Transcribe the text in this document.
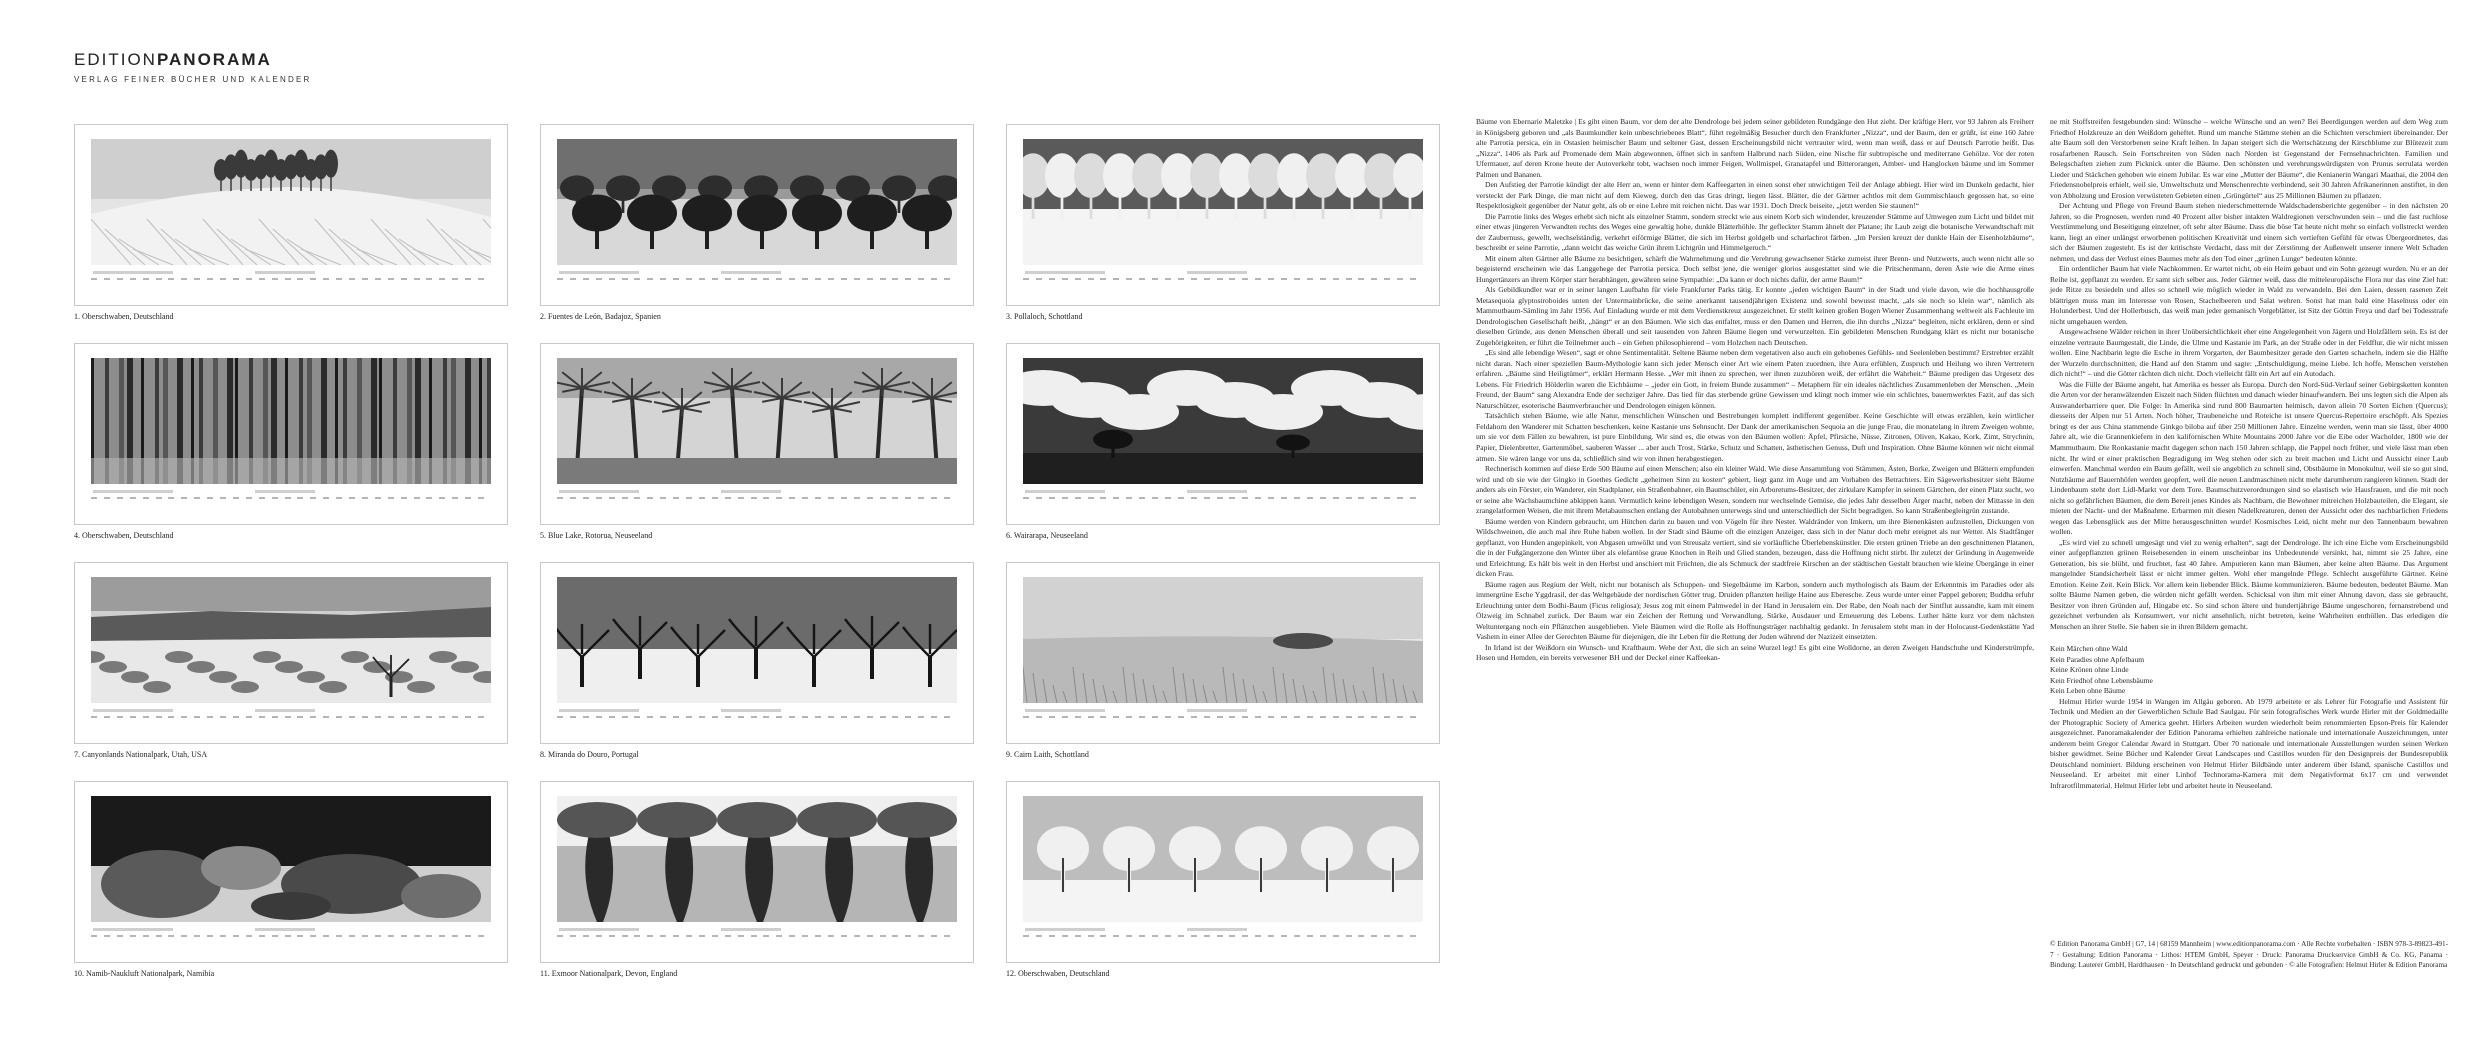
EDITIONPANORAMA
VERLAG FEINER BÜCHER UND KALENDER
1. Oberschwaben, Deutschland	2. Fuentes de León, Badajoz, Spanien	3. Pollaloch, Schottland
4. Oberschwaben, Deutschland	5. Blue Lake, Rotorua, Neuseeland	6. Wairarapa, Neuseeland
7. Canyonlands Nationalpark, Utah, USA	8. Miranda do Douro, Portugal	9. Cairn Laith, Schottland
10. Namib-Naukluft Nationalpark, Namibia	11. Exmoor Nationalpark, Devon, England	12. Oberschwaben, Deutschland

Bäume von Ebernarie Maletzke | Es gibt einen Baum, vor dem der alte Dendrologe bei jedem seiner gebildeten Rundgänge den Hut zieht. Der kräftige Herr, vor 93 Jahren als Freiherr in Königsberg geboren und „als Baumkundler kein unbeschriebenes Blatt“, führt regelmäßig Besucher durch den Frankfurter „Nizza“, und der Baum, den er grüßt, ist eine 160 Jahre alte Parrotia persica, ein in Ostasien heimischer Baum und seltener Gast, dessen Erscheinungsbild nicht vertrauter wird, wenn man weiß, dass er auf Deutsch Parrotie heißt. Das „Nizza“, 1406 als Park auf Promenade dem Main abgewonnen, öffnet sich in sanftem Halbrund nach Süden, eine Nische für subtropische und mediterrane Gehölze. Vor der roten Ufermauer, auf deren Krone heute der Autoverkehr tobt, wachsen noch immer Feigen, Wollmispel, Granatapfel und Bitterorangen, Amber- und Hanglocken bäume und im Sommer Palmen und Bananen.

Den Aufstieg der Parrotie kündigt der alte Herr an, wenn er hinter dem Kaffeegarten in einen sonst eher unwichtigen Teil der Anlage abbiegt. Hier wird im Dunkeln gedacht, hier versteckt der Park Dinge, die man nicht auf dem Kieweg, durch den das Gras dringt, liegen lässt. Blätter, die der Gärtner achtlos mit dem Gummischlauch gegossen hat, so eine Respektlosigkeit gegenüber der Natur geht, als ob er eine Lehre mit reichen nicht. Das war 1931. Doch Dreck beiseite, „jetzt werden Sie staunen!“

Die Parrotie links des Weges erhebt sich nicht als einzelner Stamm, sondern streckt wie aus einem Korb sich windender, kreuzender Stämme auf Umwegen zum Licht und bildet mit einer etwas jüngeren Verwandten rechts des Weges eine gewaltig hohe, dunkle Blätterhöhle. Ihr gefleckter Stamm ähnelt der Platane; ihr Laub zeigt die botanische Verwandtschaft mit der Zaubernuss, gewellt, wechselständig, verkehrt eiförmige Blätter, die sich im Herbst goldgelb und scharlachrot färben. „Im Persien kreuzt der dunkle Hain der Eisenholzbäume“, beschreibt er seine Parrotie, „dann weicht das weiche Grün ihrem Lichtgrün und Himmelgeruch.“

Mit einem alten Gärtner alle Bäume zu besichtigen, schärft die Wahrnehmung und die Verehrung gewachsener Stärke zumeist ihrer Brenn- und Nutzwerts, auch wenn nicht alle so begeisternd erscheinen wie das Langgehege der Parrotia persica. Doch selbst jene, die weniger glorios ausgestattet sind wie die Pritschenmann, deren Äste wie die Arme eines Hungertänzers an ihrem Körper starr herabhängen, gewähren seine Sympathie: „Da kann er doch nichts dafür, der arme Baum!“

Als Gebildkundler war er in seiner langen Laufbahn für viele Frankfurter Parks tätig. Er konnte „jeden wichtigen Baum“ in der Stadt und viele davon, wie die hochhausgroße Metasequoia glyptostroboides unten der Untermainbrücke, die seine anerkannt tausendjährigen Existenz und sowohl bewusst macht, „als sie noch so klein war“, nämlich als Mammutbaum-Sämling im Jahr 1956. Auf Einladung wurde er mit dem Verdienstkreuz ausgezeichnet. Er stellt keinen großen Bogen Wiener Zusammenhang weltweit als Fachleute im Dendrologischen Gesellschaft heißt, „hängt“ er an den Bäumen. Wie sich das entfaltet, muss er den Damen und Herren, die ihn durchs „Nizza“ begleiten, nicht erklären, denn er sind dieselben Gründe, aus denen Menschen überall und seit tausenden von Jahren Bäume liegen und verwurzelten. Ein gebildeten Menschen Rundgang klärt es nicht nur botanische Zugehörigkeiten, er führt die Teilnehmer auch – ein Gehen philosophierend – vom Holzchen nach Deutschen.

„Es sind alle lebendige Wesen“, sagt er ohne Sentimentalität. Seltene Bäume neben dem vegetativen also auch ein gehobenes Gefühls- und Seelenleben bestimmt? Erstrebter erzählt nicht daran. Nach einer speziellen Baum-Mythologie kann sich jeder Mensch einer Art wie einem Paten zuordnen, ihre Aura erfühlen, Zuspruch und Heilung wo ihren Vertretern erfahren. „Bäume sind Heiligtümer“, erklärt Hermann Hesse. „Wer mit ihnen zu sprechen, wer ihnen zuzuhören weiß, der erfährt die Wahrheit.“ Bäume predigen das Urgesetz des Lebens. Für Friedrich Hölderlin waren die Eichbäume – „jeder ein Gott, in freiem Bunde zusammen“ – Metaphern für ein ideales nächtliches Zusammenleben der Menschen. „Mein Freund, der Baum“ sang Alexandra Ende der sechziger Jahre. Das lied für das sterbende grüne Gewissen und klingt noch immer wie ein schlichtes, bauernwerktes Fazit, auf das sich Naturschützer, esoterische Baumverbraucher und Dendrologen einigen können.

Tatsächlich stehen Bäume, wie alle Natur, menschlichen Wünschen und Bestrebungen komplett indifferent gegenüber. Keine Geschichte will etwas erzählen, kein wirtlicher Feldahorn den Wanderer mit Schatten beschenken, keine Kastanie uns Sehnsucht. Der Dank der amerikanischen Sequoia an die junge Frau, die monatelang in ihrem Zweigen wohnte, um sie vor dem Fällen zu bewahren, ist pure Einbildung. Wir sind es, die etwas von den Bäumen wollen: Äpfel, Pfirsiche, Nüsse, Zitronen, Oliven, Kakao, Kork, Zimt, Strychnin, Papier, Dielenbretter, Gartenmöbel, sauberen Wasser ... aber auch Trost, Stärke, Schutz und Schatten, ästhetischen Genuss, Duft und Inspiration. Ohne Bäume können wir nicht einmal atmen. Sie wären lange vor uns da, schließlich sind wir von ihnen herabgestiegen.

Rechnerisch kommen auf diese Erde 500 Bäume auf einen Menschen; also ein kleiner Wald. Wie diese Ansammlung von Stämmen, Ästen, Borke, Zweigen und Blättern empfunden wird und ob sie wie der Gingko in Goethes Gedicht „geheimen Sinn zu kosten“ gebiert, liegt ganz im Auge und am Vorhaben des Betrachters. Ein Sägewerksbesitzer sieht Bäume anders als ein Förster, ein Wanderer, ein Stadtplaner, ein Straßenbahner, ein Baumschüler, ein Arboretums-Besitzer, der zirkulare Kampfer in seinem Gärtchen, der einen Platz sucht, wo er seine alte Wachsbaumchine abkippen kann. Vermutlich keine lebendigen Wesen, sondern nur wechselnde Gemüse, die jedes Jahr desselben Ärger macht, neben der Mittasse in den zrangelatformen Weisen, die mit ihrem Metabaumschen entlang der Autobahnen unterwegs sind und unterschiedlich der Sicht begradigen. So kann Straßenbegleitgrün zustande.

Bäume werden von Kindern gebraucht, um Hütchen darin zu bauen und von Vögeln für ihre Nester. Waldränder von Imkern, um ihre Bienenkästen aufzustellen, Dickungen von Wildschweinen, die auch mal ihre Ruhe haben wollen. In der Stadt sind Bäume oft die einzigen Anzeiger, dass sich in der Natur doch mehr ereignet als nur Wetter. Als Stadtfänger gepflanzt, von Hunden angepinkelt, von Abgasen umwölkt und von Streusalz vertiert, sind sie vorläufliche Überlebenskünstler. Die ersten grünen Triebe an den geschnittenen Platanen, die in der Fußgängerzone den Winter über als elefantöse graue Knochen in Reih und Glied standen, bezeugen, dass die Hoffnung nicht stirbt. Ihr zuletzt der Gründung in Augenweide und Erleichtung. Es hält bis weit in den Herbst und anschiert mit Früchten, die als Schmuck der stadtfreie Kirschen an der städtischen Gestalt brauchen wie kleine Übergänge in einer dicken Frau.

Bäume ragen aus Regium der Welt, nicht nur botanisch als Schuppen- und Siegelbäume im Karbon, sondern auch mythologisch als Baum der Erkenntnis im Paradies oder als immergrüne Esche Yggdrasil, der das Weltgebäude der nordischen Götter trug. Druiden pflanzten heilige Haine aus Eberesche. Zeus wurde unter einer Pappel geboren; Buddha erfuhr Erleuchtung unter dem Bodhi-Baum (Ficus religiosa); Jesus zog mit einem Palmwedel in der Hand in Jerusalem ein. Der Rabe, den Noah nach der Sintflut aussandte, kam mit einem Ölzweig im Schnabel zurück. Der Baum war ein Zeichen der Rettung und Verwandlung. Stärke, Ausdauer und Erneuerung des Lebens. Luther hätte kurz vor dem nächsten Weltuntergang noch ein Pflänzchen ausgeblieben. Viele Bäumen wird die Rolle als Hoffnungsträger nachhaltig gedankt. In Jerusalem steht man in der Holocaust-Gedenkstätte Yad Vashem in einer Allee der Gerechten Bäume für diejenigen, die ihr Leben für die Rettung der Juden während der Nazizeit einsetzten.

In Irland ist der Weißdorn ein Wunsch- und Kraftbaum. Wehe der Axt, die sich an seine Wurzel legt! Es gibt eine Wolldorne, an deren Zweigen Handschuhe und Kinderstrümpfe, Hosen und Hemden, ein bereits verwesener BH und der Deckel einer Kaffeekan-

ne mit Stoffstreifen festgebunden sind: Wünsche – welche Wünsche und an wen? Bei Beerdigungen werden auf dem Weg zum Friedhof Holzkreuze an den Weißdorn geheftet. Rund um manche Stämme stehen an die Schichten verschmiert übereinander. Der alte Baum soll den Verstorbenen seine Kraft leihen. In Japan steigert sich die Wertschätzung der Kirschblume zur Blütezeit zum rosafarbenen Rausch. Sein Fortschreiten von Süden nach Norden ist Gegenstand der Fernsehnachrichten. Familien und Belegschaften ziehen zum Picknick unter die Bäume. Den schönsten und verehrungswürdigsten von Prunus serrulata werden Lieder und Stäckchen gehoben wie einem Jubilar. Es war eine „Mutter der Bäume“, die Kenianerin Wangari Maathai, die 2004 den Friedensnobelpreis erhielt, weil sie, Umweltschutz und Menschenrechte verbindend, seit 30 Jahren Afrikanerinnen anstiftet, in den von Abholzung und Erosion verwüsteten Gebieten einen „Grüngürtel“ aus 25 Millionen Bäumen zu pflanzen.

Der Achtung und Pflege von Freund Baum stehen niederschmetternde Waldschadensberichte gegenüber – in den nächsten 20 Jahren, so die Prognosen, werden rund 40 Prozent aller bisher intakten Waldregionen verschwunden sein – und die fast ruchlose Verstümmelung und Beseitigung einzelner, oft sehr alter Bäume. Dass die böse Tat heute nicht mehr so einfach vollstreckt werden kann, liegt an einer unlängst erworbenen politischen Kreativität und einem sich vertieften Gefühl für etwas Übergeordnetes, das sich der Bäumen zugesteht. Es ist der kritischste Verdacht, dass mit der Zerstörung der Außenwelt unserer innere Welt Schaden nehmen, und dass der Verlust eines Baumes mehr als den Tod einer „grünen Lunge“ bedeuten könnte.

Ein ordentlicher Baum hat viele Nachkommen. Er wartet nicht, ob ein Heim gebaut und ein Sohn gezeugt wurden. Nu er an der Reihe ist, gepflanzt zu werden. Er samt sich selber aus. Jeder Gärtner weiß, dass die mitteleuropäische Flora nur das eine Ziel hat: jede Ritze zu besiedeln und alles so schnell wie möglich wieder in Wald zu verwandeln. Bei den Laien, dessen rasenen Zeit blättrigen muss man im Interesse von Rosen, Stachelbeeren und Salat wehren. Sonst hat man bald eine Haselnuss oder ein Holunderbest. Und der Hollerbusch, das weiß man jeder gemanisch Vorgeblätter, ist Sitz der Göttin Freya und darf bei Todesstrafe nicht umgehauen werden.

Ausgewachsene Wälder reichen in ihrer Unübersichtlichkeit eher eine Angelegenheit von Jägern und Holzfällern sein. Es ist der einzelne vertraute Baumgestalt, die Linde, die Ulme und Kastanie im Park, an der Straße oder in der Feldflur, die wir nicht missen wollen. Eine Nachbarin legte die Esche in ihrem Vorgarten, der Baumbesitzer gerade den Garten schacheln, indem sie die Hälfte der Wurzeln durchschnitten, die Hand auf den Stamm und sagte: „Entschuldigung, meine Liebe. Ich hoffe, Menschen verstehen dich nicht!“ – und die Götter rächten dich nicht. Doch vielleicht fällt ein Art auf ein Autodach.

Was die Fülle der Bäume angeht, hat Amerika es besser als Europa. Durch den Nord-Süd-Verlauf seiner Gebirgsketten konnten die Arten vor der heranwälzenden Eiszeit nach Süden flüchten und danach wieder hinaufwandern. Bei uns legten sich die Alpen als Auswanderbarriere quer. Die Folge: In Amerika sind rund 800 Baumarten heimisch, davon allein 70 Sorten Eichen (Quercus); diesseits der Alpen nur 51 Arten. Noch höher, Traubeneiche und Roteiche ist unsere Quercus-Repertoire erschöpft. Als Spezies bringt es der aus China stammende Ginkgo biloba auf über 250 Millionen Jahre. Einzelne werden, wenn man sie lässt, über 4000 Jahre alt, wie die Grannenkiefern in den kalifornischen White Mountains 2000 Jahre vor die Eibe oder Wacholder, 1800 wie der Mammutbaum. Die Ronkastanie macht dagegen schon nach 150 Jahren schlapp, die Pappel noch früher, und viele lässt man eben nicht. Ihr wird er einer praktischen Begradigung im Weg stehen oder sich zu breit machen und Licht und Aussicht einer Laub einwerfen. Manchmal werden ein Baum gefällt, weil sie angeblich zu schnell sind, Obstbäume in Monokultur, weil sie so gut sind, Nutzbäume auf Bauernhöfen werden geopfert, weil die neuen Landmaschinen nicht mehr darumherum rangieren können. Stadt der Lindenbaum steht dort Lidl-Markt vor dem Tore. Baumschutzverordnungen sind so elastisch wie Hausfrauen, und die mit noch nicht so gefährlichen Bäumen, die dem Bereit jenes Kindes als Nachbarn, die Bewohner mitreichen Holzbauteilen, die Elegant, sie mieten der Nacht- und der Maßnahme. Erbarmen mit diesen Nadelkreaturen, denen der Aussicht oder des nachbarlichen Friedens wegen das Lebensglück aus der Mitte herausgeschnitten wurde! Kosmisches Leid, nicht mehr nur den Tannenbaum bewahren wollen.

„Es wird viel zu schnell umgesägt und viel zu wenig erhalten“, sagt der Dendrologe. Ihr ich eine Eiche vom Erscheinungsbild einer aufgepflanzten grünen Reisebesenden in einem unscheinbar ins Unbedeutende versinkt, hat, nimmt sie 25 Jahre, eine Generation, bis sie blüht, und fruchtet, fast 40 Jahre. Amputieren kann man Bäumen, aber keine alten Bäume. Das Argument mangelnder Standsicherheit lässt er nicht immer gelten. Wohl eher mangelnde Pflege. Schlecht ausgeführte Gärtner. Keine Emotion. Keine Zeit. Kein Blick. Vor allem kein liebender Blick. Bäume kommunizieren. Bäume bedeuten, bedeutet Bäume. Man sollte Bäume Namen geben, die würden nicht gefällt werden. Schicksal von ihm mit einer Ahnung davon, dass sie gebraucht, Besitzer von ihren Gründen auf, Hingabe etc. So sind schon ältere und hundertjährige Bäume ungeschoren, fernanstrebend und gezeichnet verbunden als Konsumwert, vor nicht ansehnlich, nicht betreten, keine Wahrheiten enthüllen. Das erledigen die Menschen an ihrer Stelle. Sie haben sie in ihren Bildern gemacht.

Kein Märchen ohne Wald
Kein Paradies ohne Apfelbaum
Keine Krönen ohne Linde
Kein Friedhof ohne Lebensbäume
Kein Leben ohne Bäume

Helmut Hirler wurde 1954 in Wangen im Allgäu geboren. Ab 1979 arbeitete er als Lehrer für Fotografie und Assistent für Technik und Medien an der Gewerblichen Schule Bad Saulgau. Für sein fotografisches Werk wurde Hirler mit der Goldmedaille der Photographic Society of America geehrt. Hirlers Arbeiten wurden wiederholt beim renommierten Epson-Preis für Kalender ausgezeichnet. Panoramakalender der Edition Panorama erhielten zahlreiche nationale und internationale Auszeichnungen, unter anderem beim Gregor Calendar Award in Stuttgart. Über 70 nationale und internationale Ausstellungen wurden seinen Werken bisher gewidmet. Seine Bücher und Kalender Great Landscapes und Castillos wurden für den Designpreis der Bundesrepublik Deutschland nominiert. Bildung erscheinen von Helmut Hirler Bildbände unter anderem über Island, spanische Castillos und Neuseeland. Er arbeitet mit einer Linhof Technorama-Kamera mit dem Negativformat 6x17 cm und verwendet Infrarotfilmmaterial. Helmut Hirler lebt und arbeitet heute in Neuseeland.

© Edition Panorama GmbH | G7, 14 | 68159 Mannheim | www.editionpanorama.com · Alle Rechte vorbehalten · ISBN 978-3-89823-491-7 · Gestaltung: Edition Panorama · Lithos: HTEM GmbH, Speyer · Druck: Panorama Druckservice GmbH & Co. KG, Panama · Bindung: Lauterer GmbH, Hardthausen · In Deutschland gedruckt und gebunden · © alle Fotografien: Helmut Hirler & Edition Panorama
